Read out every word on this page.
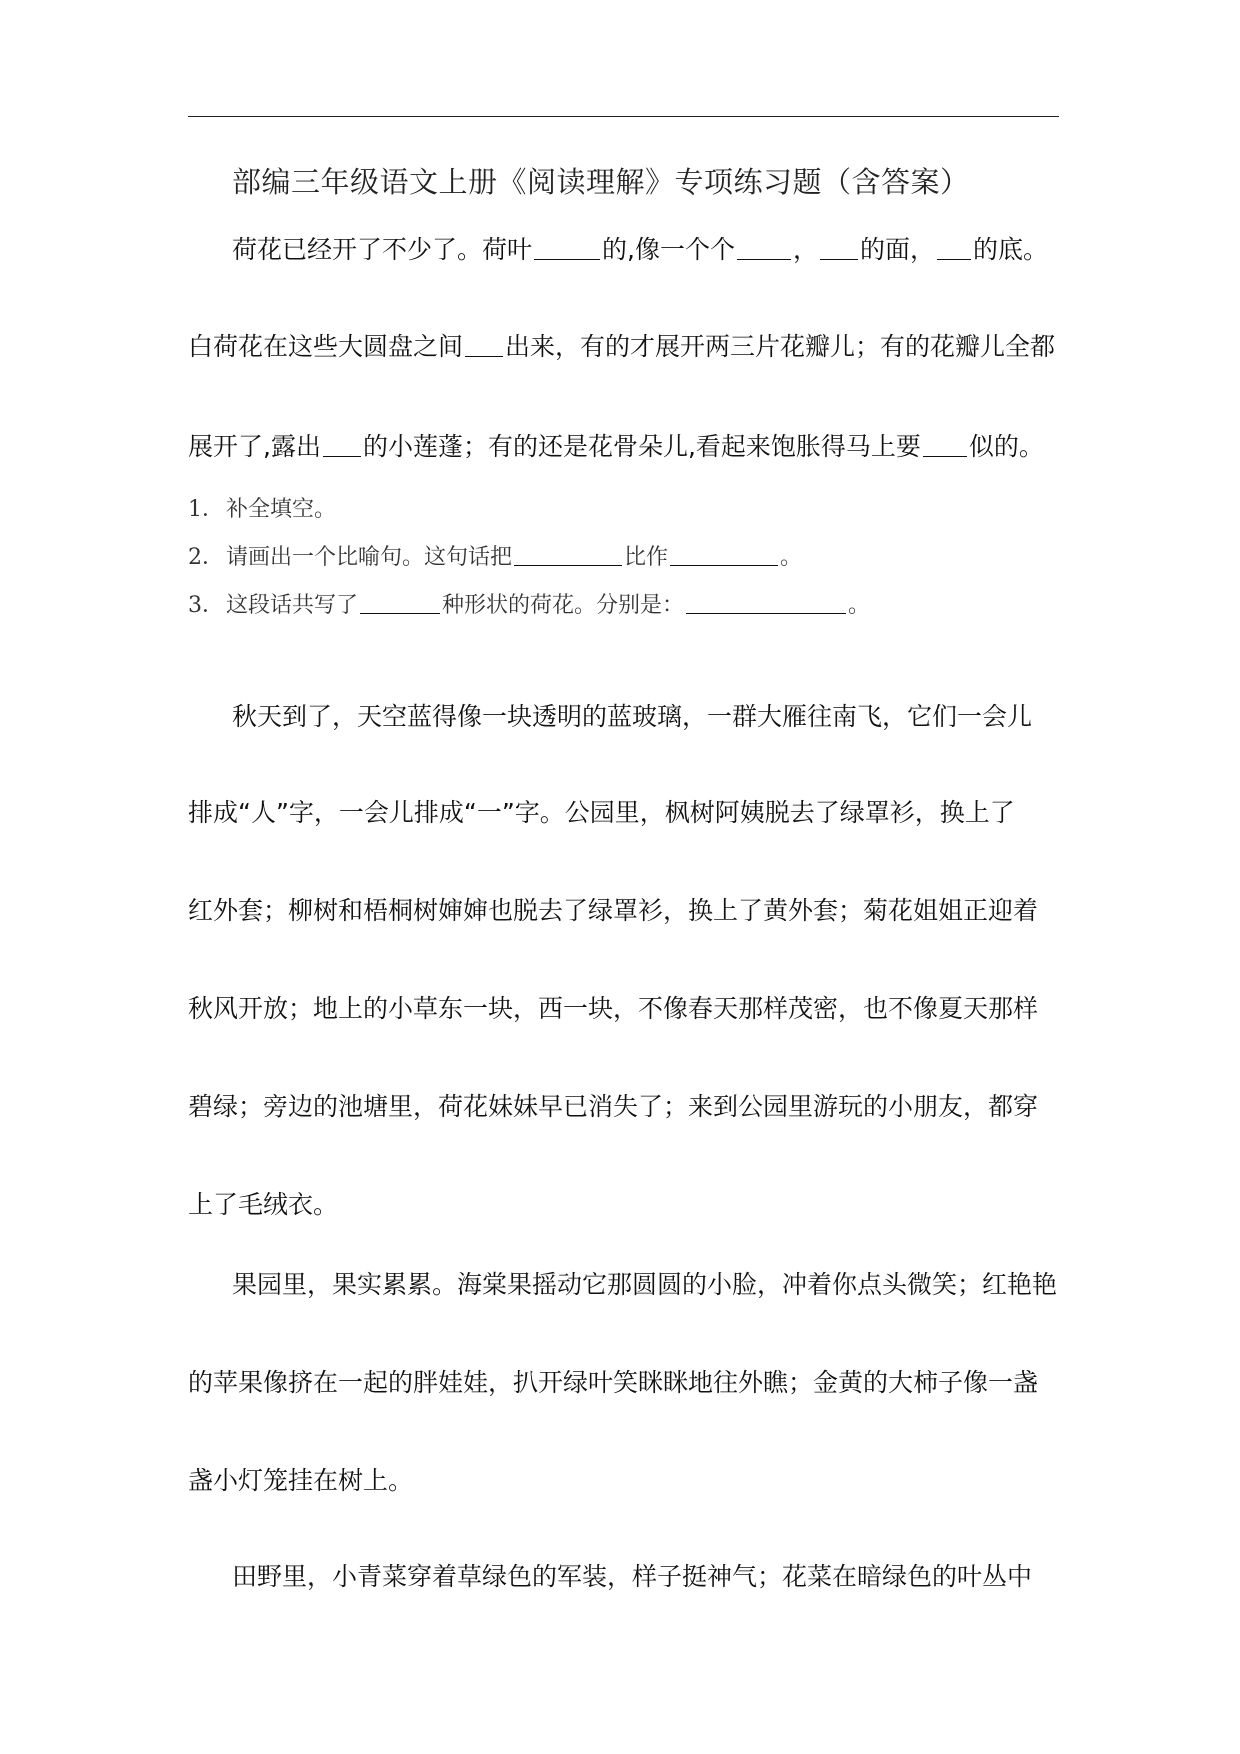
部编三年级语文上册《阅读理解》专项练习题（含答案）
荷花已经开了不少了。荷叶	的,像一个个 ， 的面， 的底。
白荷花在这些大圆盘之间 出来，有的才展开两三片花瓣儿；有的花瓣儿全都
展开了,露出 的小莲蓬；有的还是花骨朵儿,看起来饱胀得马上要 似的。
1．补全填空。
2．请画出一个比喻句。这句话把	比作	。
3．这段话共写了	种形状的荷花。分别是：	。
秋天到了，天空蓝得像一块透明的蓝玻璃，一群大雁往南飞，它们一会儿
排成“人”字，一会儿排成“一”字。公园里，枫树阿姨脱去了绿罩衫，换上了
红外套；柳树和梧桐树婶婶也脱去了绿罩衫，换上了黄外套；菊花姐姐正迎着
秋风开放；地上的小草东一块，西一块，不像春天那样茂密，也不像夏天那样
碧绿；旁边的池塘里，荷花妹妹早已消失了；来到公园里游玩的小朋友，都穿
上了毛绒衣。
果园里，果实累累。海棠果摇动它那圆圆的小脸，冲着你点头微笑；红艳艳
的苹果像挤在一起的胖娃娃，扒开绿叶笑眯眯地往外瞧；金黄的大柿子像一盏
盏小灯笼挂在树上。
田野里，小青菜穿着草绿色的军装，样子挺神气；花菜在暗绿色的叶丛中
